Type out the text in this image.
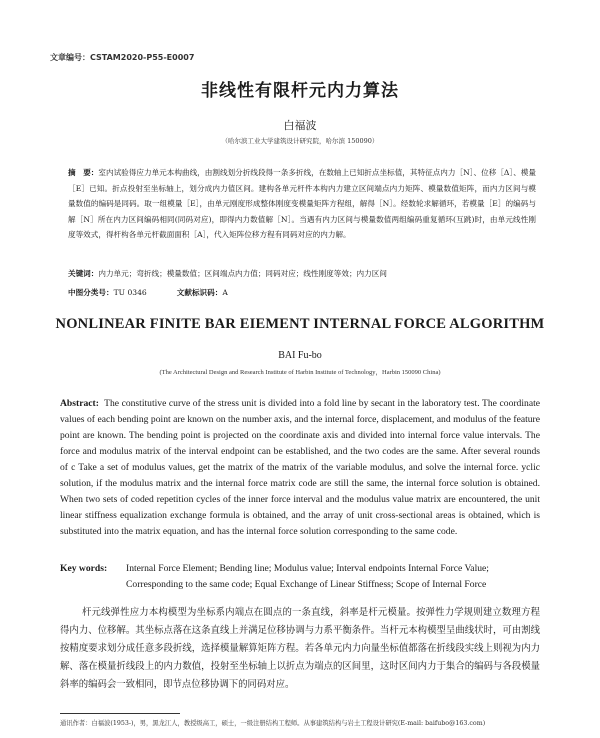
文章编号：CSTAM2020-P55-E0007
非线性有限杆元内力算法
白福波
（哈尔滨工业大学建筑设计研究院，哈尔滨 150090）
摘　要：室内试验得应力单元本构曲线，由割线划分折线段得一条多折线，在数轴上已知折点坐标值，其特征点内力［N］、位移［Δ］、模量［E］已知。折点投射至坐标轴上，划分成内力值区间。建构各单元杆件本构内力建立区间端点内力矩阵、模量数值矩阵，而内力区间与模量数值的编码是同码。取一组模量［E］，由单元刚度形成整体刚度变模量矩阵方程组，解得［N］。经数轮求解循环，若模量［E］的编码与解［N］所在内力区间编码相同(同码对应)，即得内力数值解［N］。当遇有内力区间与模量数值两组编码重复循环(互跳)时，由单元线性刚度等效式，得杆构各单元杆截面面积［A］，代入矩阵位移方程有同码对应的内力解。
关键词：内力单元；弯折线；模量数值；区间端点内力值；同码对应；线性刚度等效；内力区间
中图分类号：TU 0346	文献标识码：A
NONLINEAR FINITE BAR EIEMENT INTERNAL FORCE ALGORITHM
BAI Fu-bo
(The Architectural Design and Research Institute of Harbin Institute of Technology，Harbin 150090 China)
Abstract: The constitutive curve of the stress unit is divided into a fold line by secant in the laboratory test. The coordinate values of each bending point are known on the number axis, and the internal force, displacement, and modulus of the feature point are known. The bending point is projected on the coordinate axis and divided into internal force value intervals. The force and modulus matrix of the interval endpoint can be established, and the two codes are the same. After several rounds of c Take a set of modulus values, get the matrix of the matrix of the variable modulus, and solve the internal force. yclic solution, if the modulus matrix and the internal force matrix code are still the same, the internal force solution is obtained. When two sets of coded repetition cycles of the inner force interval and the modulus value matrix are encountered, the unit linear stiffness equalization exchange formula is obtained, and the array of unit cross-sectional areas is obtained, which is substituted into the matrix equation, and has the internal force solution corresponding to the same code.
Key words: Internal Force Element; Bending line; Modulus value; Interval endpoints Internal Force Value;
Corresponding to the same code; Equal Exchange of Linear Stiffness; Scope of Internal Force
杆元线弹性应力本构模型为坐标系内端点在圆点的一条直线，斜率是杆元模量。按弹性力学规则建立数理方程得内力、位移解。其坐标点落在这条直线上并满足位移协调与力系平衡条件。当杆元本构模型呈曲线状时，可由割线按精度要求划分成任意多段折线，选择模量解算矩阵方程。若各单元内力向量坐标值都落在折线段实线上则视为内力解、落在模量折线段上的内力数值，投射至坐标轴上以折点为端点的区间里，这时区间内力于集合的编码与各段模量斜率的编码会一致相同，即节点位移协调下的同码对应。
通讯作者：白福波(1953-)，男，黑龙江人，教授级高工，硕士，一级注册结构工程师。从事建筑结构与岩土工程设计研究(E-mail: baifubo@163.com)
